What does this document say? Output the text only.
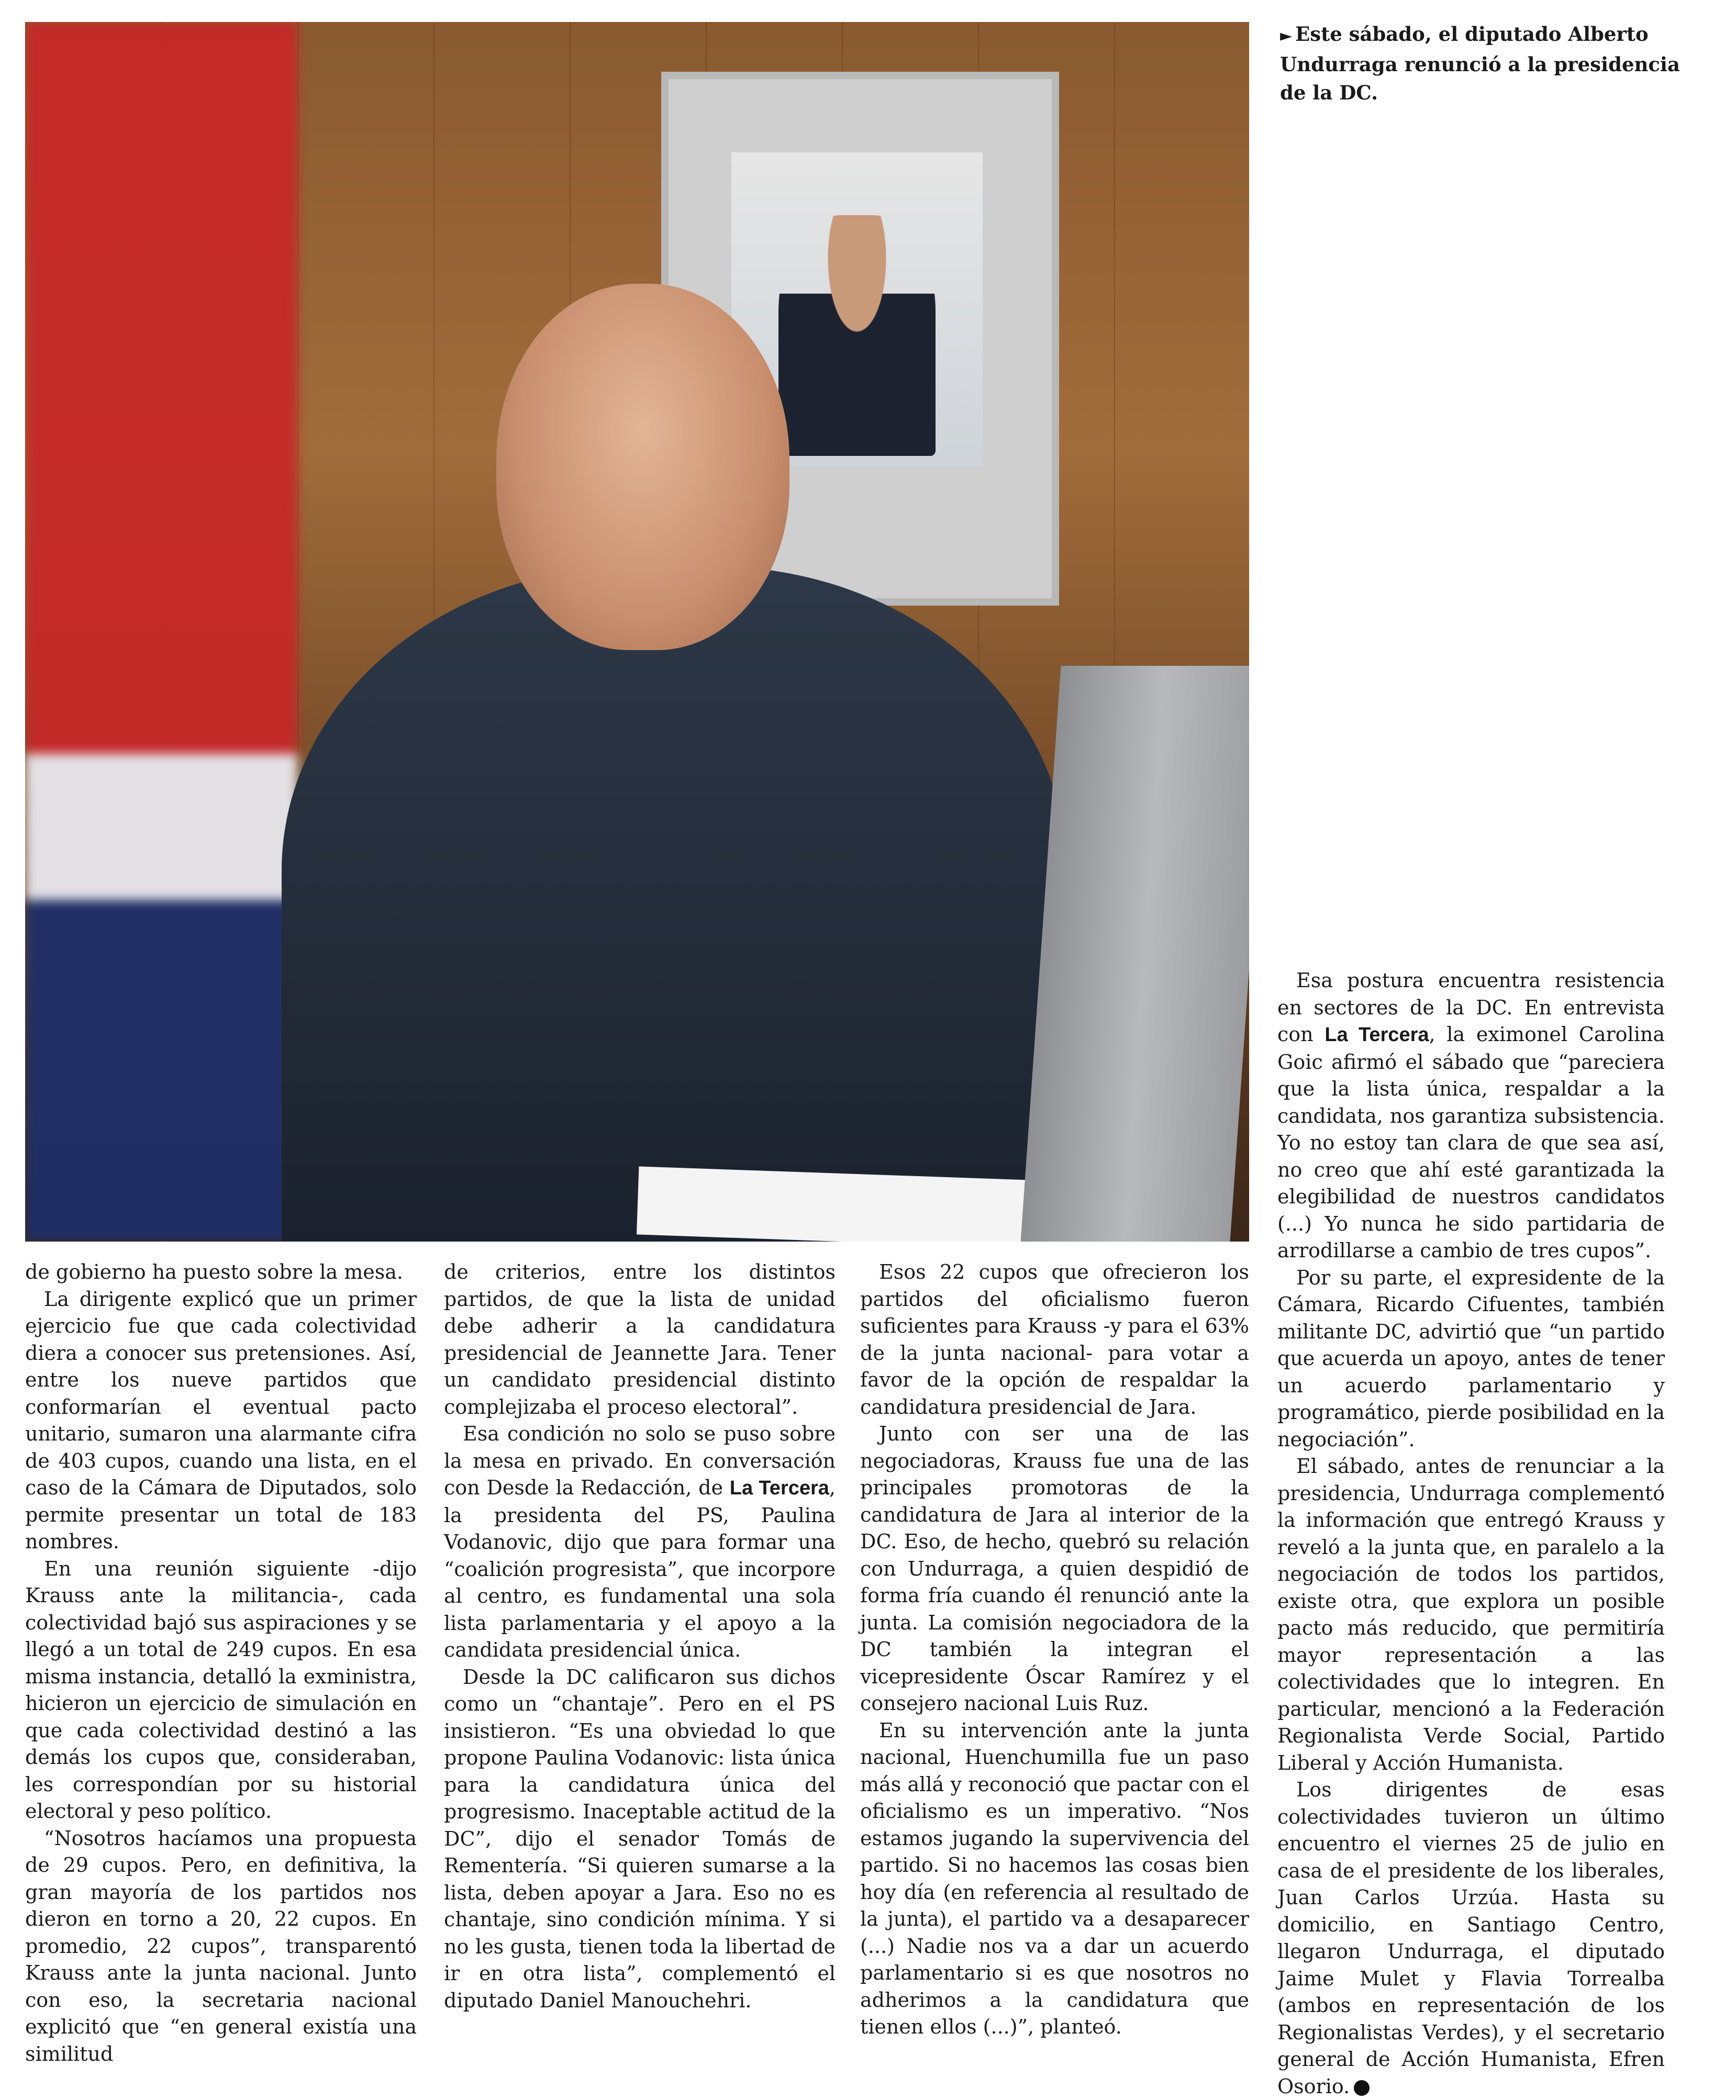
► Este sábado, el diputado Alberto Undurraga renunció a la presidencia de la DC.

de gobierno ha puesto sobre la mesa.

La dirigente explicó que un primer ejercicio fue que cada colectividad diera a conocer sus pretensiones. Así, entre los nueve partidos que conformarían el eventual pacto unitario, sumaron una alarmante cifra de 403 cupos, cuando una lista, en el caso de la Cámara de Diputados, solo permite presentar un total de 183 nombres.

En una reunión siguiente -dijo Krauss ante la militancia-, cada colectividad bajó sus aspiraciones y se llegó a un total de 249 cupos. En esa misma instancia, detalló la exministra, hicieron un ejercicio de simulación en que cada colectividad destinó a las demás los cupos que, consideraban, les correspondían por su historial electoral y peso político.

“Nosotros hacíamos una propuesta de 29 cupos. Pero, en definitiva, la gran mayoría de los partidos nos dieron en torno a 20, 22 cupos. En promedio, 22 cupos”, transparentó Krauss ante la junta nacional. Junto con eso, la secretaria nacional explicitó que “en general existía una similitud

de criterios, entre los distintos partidos, de que la lista de unidad debe adherir a la candidatura presidencial de Jeannette Jara. Tener un candidato presidencial distinto complejizaba el proceso electoral”.

Esa condición no solo se puso sobre la mesa en privado. En conversación con Desde la Redacción, de La Tercera, la presidenta del PS, Paulina Vodanovic, dijo que para formar una “coalición progresista”, que incorpore al centro, es fundamental una sola lista parlamentaria y el apoyo a la candidata presidencial única.

Desde la DC calificaron sus dichos como un “chantaje”. Pero en el PS insistieron. “Es una obviedad lo que propone Paulina Vodanovic: lista única para la candidatura única del progresismo. Inaceptable actitud de la DC”, dijo el senador Tomás de Rementería. “Si quieren sumarse a la lista, deben apoyar a Jara. Eso no es chantaje, sino condición mínima. Y si no les gusta, tienen toda la libertad de ir en otra lista”, complementó el diputado Daniel Manouchehri.

Esos 22 cupos que ofrecieron los partidos del oficialismo fueron suficientes para Krauss -y para el 63% de la junta nacional- para votar a favor de la opción de respaldar la candidatura presidencial de Jara.

Junto con ser una de las negociadoras, Krauss fue una de las principales promotoras de la candidatura de Jara al interior de la DC. Eso, de hecho, quebró su relación con Undurraga, a quien despidió de forma fría cuando él renunció ante la junta. La comisión negociadora de la DC también la integran el vicepresidente Óscar Ramírez y el consejero nacional Luis Ruz.

En su intervención ante la junta nacional, Huenchumilla fue un paso más allá y reconoció que pactar con el oficialismo es un imperativo. “Nos estamos jugando la supervivencia del partido. Si no hacemos las cosas bien hoy día (en referencia al resultado de la junta), el partido va a desaparecer (...) Nadie nos va a dar un acuerdo parlamentario si es que nosotros no adherimos a la candidatura que tienen ellos (...)”, planteó.

Esa postura encuentra resistencia en sectores de la DC. En entrevista con La Tercera, la eximonel Carolina Goic afirmó el sábado que “pareciera que la lista única, respaldar a la candidata, nos garantiza subsistencia. Yo no estoy tan clara de que sea así, no creo que ahí esté garantizada la elegibilidad de nuestros candidatos (...) Yo nunca he sido partidaria de arrodillarse a cambio de tres cupos”.

Por su parte, el expresidente de la Cámara, Ricardo Cifuentes, también militante DC, advirtió que “un partido que acuerda un apoyo, antes de tener un acuerdo parlamentario y programático, pierde posibilidad en la negociación”.

El sábado, antes de renunciar a la presidencia, Undurraga complementó la información que entregó Krauss y reveló a la junta que, en paralelo a la negociación de todos los partidos, existe otra, que explora un posible pacto más reducido, que permitiría mayor representación a las colectividades que lo integren. En particular, mencionó a la Federación Regionalista Verde Social, Partido Liberal y Acción Humanista.

Los dirigentes de esas colectividades tuvieron un último encuentro el viernes 25 de julio en casa de el presidente de los liberales, Juan Carlos Urzúa. Hasta su domicilio, en Santiago Centro, llegaron Undurraga, el diputado Jaime Mulet y Flavia Torrealba (ambos en representación de los Regionalistas Verdes), y el secretario general de Acción Humanista, Efren Osorio.
